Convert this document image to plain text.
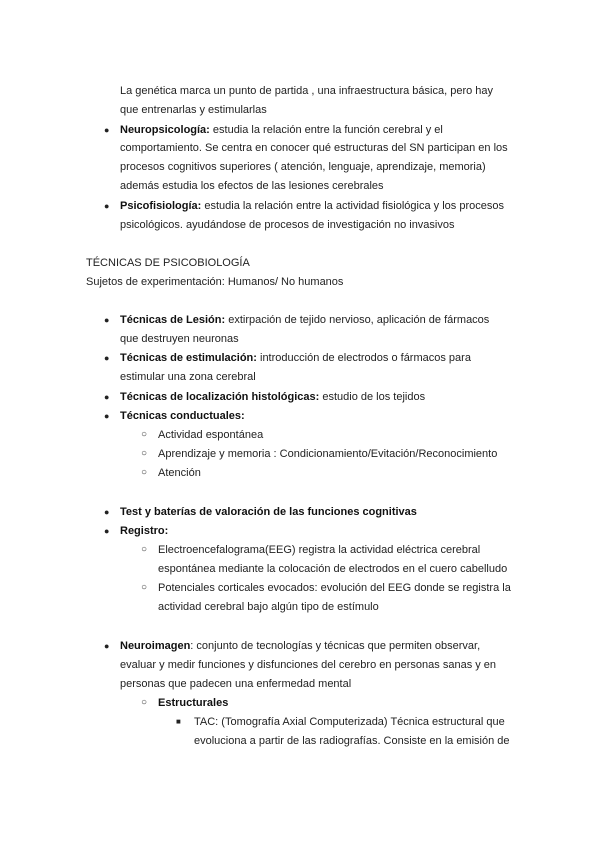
La genética marca un punto de partida , una infraestructura básica, pero hay
que entrenarlas y estimularlas
● Neuropsicología: estudia la relación entre la función cerebral y el
comportamiento. Se centra en conocer qué estructuras del SN participan en los
procesos cognitivos superiores ( atención, lenguaje, aprendizaje, memoria)
además estudia los efectos de las lesiones cerebrales
● Psicofisiología: estudia la relación entre la actividad fisiológica y los procesos
psicológicos. ayudándose de procesos de investigación no invasivos
TÉCNICAS DE PSICOBIOLOGÍA
Sujetos de experimentación: Humanos/ No humanos
● Técnicas de Lesión: extirpación de tejido nervioso, aplicación de fármacos
que destruyen neuronas
● Técnicas de estimulación: introducción de electrodos o fármacos para
estimular una zona cerebral
● Técnicas de localización histológicas: estudio de los tejidos
● Técnicas conductuales:
○ Actividad espontánea
○ Aprendizaje y memoria : Condicionamiento/Evitación/Reconocimiento
○ Atención
● Test y baterías de valoración de las funciones cognitivas
● Registro:
○ Electroencefalograma(EEG) registra la actividad eléctrica cerebral
espontánea mediante la colocación de electrodos en el cuero cabelludo
○ Potenciales corticales evocados: evolución del EEG donde se registra la
actividad cerebral bajo algún tipo de estímulo
● Neuroimagen: conjunto de tecnologías y técnicas que permiten observar,
evaluar y medir funciones y disfunciones del cerebro en personas sanas y en
personas que padecen una enfermedad mental
○ Estructurales
■ TAC: (Tomografía Axial Computerizada) Técnica estructural que
evoluciona a partir de las radiografías. Consiste en la emisión de
